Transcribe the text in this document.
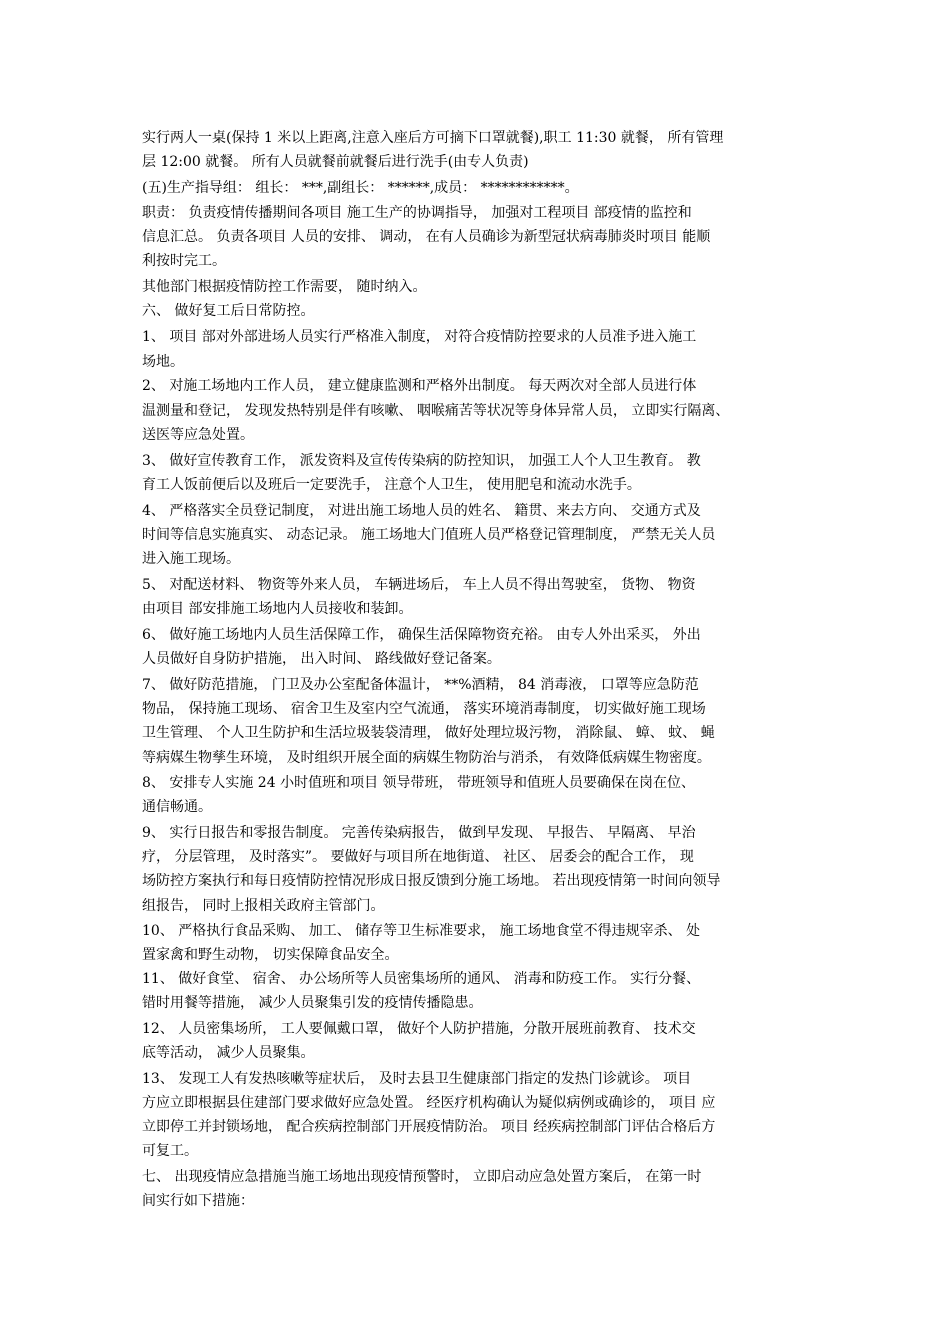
实行两人一桌(保持 1 米以上距离,注意入座后方可摘下口罩就餐),职工 11:30 就餐， 所有管理
层 12:00 就餐。 所有人员就餐前就餐后进行洗手(由专人负责)
(五)生产指导组： 组长： ***,副组长： ******,成员： ************。
职责： 负责疫情传播期间各项目 施工生产的协调指导， 加强对工程项目 部疫情的监控和
信息汇总。 负责各项目 人员的安排、 调动， 在有人员确诊为新型冠状病毒肺炎时项目 能顺
利按时完工。
其他部门根据疫情防控工作需要， 随时纳入。
六、 做好复工后日常防控。
1、 项目 部对外部进场人员实行严格准入制度， 对符合疫情防控要求的人员准予进入施工
场地。
2、 对施工场地内工作人员， 建立健康监测和严格外出制度。 每天两次对全部人员进行体
温测量和登记， 发现发热特别是伴有咳嗽、 咽喉痛苦等状况等身体异常人员， 立即实行隔离、
送医等应急处置。
3、 做好宣传教育工作， 派发资料及宣传传染病的防控知识， 加强工人个人卫生教育。 教
育工人饭前便后以及班后一定要洗手， 注意个人卫生， 使用肥皂和流动水洗手。
4、 严格落实全员登记制度， 对进出施工场地人员的姓名、 籍贯、来去方向、 交通方式及
时间等信息实施真实、 动态记录。 施工场地大门值班人员严格登记管理制度， 严禁无关人员
进入施工现场。
5、 对配送材料、 物资等外来人员， 车辆进场后， 车上人员不得出驾驶室， 货物、 物资
由项目 部安排施工场地内人员接收和装卸。
6、 做好施工场地内人员生活保障工作， 确保生活保障物资充裕。 由专人外出采买， 外出
人员做好自身防护措施， 出入时间、 路线做好登记备案。
7、 做好防范措施， 门卫及办公室配备体温计， **%酒精， 84 消毒液， 口罩等应急防范
物品， 保持施工现场、 宿舍卫生及室内空气流通， 落实环境消毒制度， 切实做好施工现场
卫生管理、 个人卫生防护和生活垃圾装袋清理， 做好处理垃圾污物， 消除鼠、 蟑、 蚊、 蝇
等病媒生物孳生环境， 及时组织开展全面的病媒生物防治与消杀， 有效降低病媒生物密度。
8、 安排专人实施 24 小时值班和项目 领导带班， 带班领导和值班人员要确保在岗在位、
通信畅通。
9、 实行日报告和零报告制度。 完善传染病报告， 做到早发现、 早报告、 早隔离、 早治
疗， 分层管理， 及时落实”。 要做好与项目所在地街道、 社区、 居委会的配合工作， 现
场防控方案执行和每日疫情防控情况形成日报反馈到分施工场地。 若出现疫情第一时间向领导
组报告， 同时上报相关政府主管部门。
10、 严格执行食品采购、 加工、 储存等卫生标准要求， 施工场地食堂不得违规宰杀、 处
置家禽和野生动物， 切实保障食品安全。
11、 做好食堂、 宿舍、 办公场所等人员密集场所的通风、 消毒和防疫工作。 实行分餐、
错时用餐等措施， 减少人员聚集引发的疫情传播隐患。
12、 人员密集场所， 工人要佩戴口罩， 做好个人防护措施，分散开展班前教育、 技术交
底等活动， 减少人员聚集。
13、 发现工人有发热咳嗽等症状后， 及时去县卫生健康部门指定的发热门诊就诊。 项目
方应立即根据县住建部门要求做好应急处置。 经医疗机构确认为疑似病例或确诊的， 项目 应
立即停工并封锁场地， 配合疾病控制部门开展疫情防治。 项目 经疾病控制部门评估合格后方
可复工。
七、 出现疫情应急措施当施工场地出现疫情预警时， 立即启动应急处置方案后， 在第一时
间实行如下措施：
